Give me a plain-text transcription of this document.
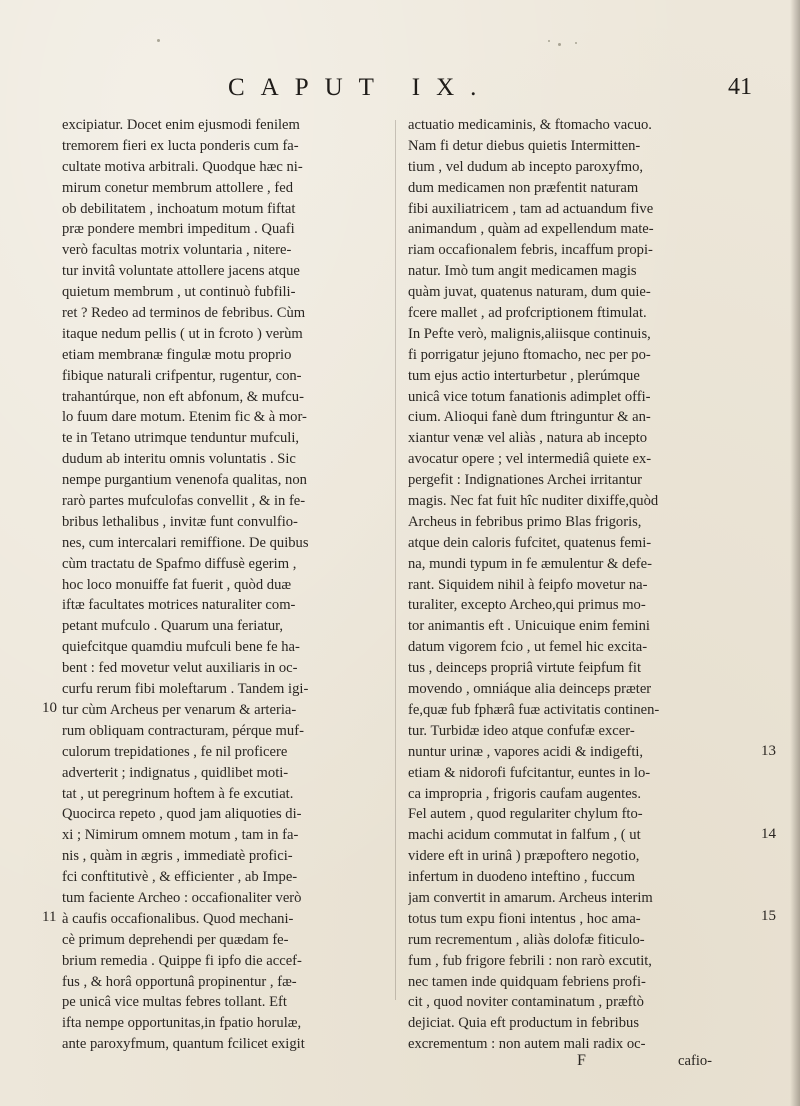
CAPUT IX.	41
excipiatur. Docet enim ejusmodi fenilem
tremorem fieri ex lucta ponderis cum fa-
cultate motiva arbitrali. Quodque hæc ni-
mirum conetur membrum attollere , fed
ob debilitatem , inchoatum motum fiftat
præ pondere membri impeditum . Quafi
verò facultas motrix voluntaria , nitere-
tur invitâ voluntate attollere jacens atque
quietum membrum , ut continuò fubfili-
ret ? Redeo ad terminos de febribus. Cùm
itaque nedum pellis ( ut in fcroto ) verùm
etiam membranæ fingulæ motu proprio
fibique naturali crifpentur, rugentur, con-
trahantúrque, non eft abfonum, & mufcu-
lo fuum dare motum. Etenim fic & à mor-
te in Tetano utrimque tenduntur mufculi,
dudum ab interitu omnis voluntatis . Sic
nempe purgantium venenofa qualitas, non
rarò partes mufculofas convellit , & in fe-
bribus lethalibus , invitæ funt convulfio-
nes, cum intercalari remiffione. De quibus
cùm tractatu de Spafmo diffusè egerim ,
hoc loco monuiffe fat fuerit , quòd duæ
iftæ facultates motrices naturaliter com-
petant mufculo . Quarum una feriatur,
quiefcitque quamdiu mufculi bene fe ha-
bent : fed movetur velut auxiliaris in oc-
curfu rerum fibi moleftarum . Tandem igi-
tur cùm Archeus per venarum & arteria-
rum obliquam contracturam, pérque muf-
culorum trepidationes , fe nil proficere
adverterit ; indignatus , quidlibet moti-
tat , ut peregrinum hoftem à fe excutiat.
Quocirca repeto , quod jam aliquoties di-
xi ; Nimirum omnem motum , tam in fa-
nis , quàm in ægris , immediatè profici-
fci conftitutivè , & efficienter , ab Impe-
tum faciente Archeo : occafionaliter verò
à caufis occafionalibus. Quod mechani-
cè primum deprehendi per quædam fe-
brium remedia . Quippe fi ipfo die accef-
fus , & horâ opportunâ propinentur , fæ-
pe unicâ vice multas febres tollant. Eft
ifta nempe opportunitas,in fpatio horulæ,
ante paroxyfmum, quantum fcilicet exigit
actuatio medicaminis, & ftomacho vacuo.
Nam fi detur diebus quietis Intermitten-
tium , vel dudum ab incepto paroxyfmo,
dum medicamen non præfentit naturam
fibi auxiliatricem , tam ad actuandum five
animandum , quàm ad expellendum mate-
riam occafionalem febris, incaffum propi-
natur. Imò tum angit medicamen magis
quàm juvat, quatenus naturam, dum quie-
fcere mallet , ad profcriptionem ftimulat.
In Pefte verò, malignis,aliisque continuis,
fi porrigatur jejuno ftomacho, nec per po-
tum ejus actio interturbetur , plerúmque
unicâ vice totum fanationis adimplet offi-
cium. Alioqui fanè dum ftringuntur & an-
xiantur venæ vel aliàs , natura ab incepto
avocatur opere ; vel intermediâ quiete ex-
pergefit : Indignationes Archei irritantur
magis. Nec fat fuit hîc nuditer dixiffe,quòd
Archeus in febribus primo Blas frigoris,
atque dein caloris fufcitet, quatenus femi-
na, mundi typum in fe æmulentur & defe-
rant. Siquidem nihil à feipfo movetur na-
turaliter, excepto Archeo,qui primus mo-
tor animantis eft . Unicuique enim femini
datum vigorem fcio , ut femel hic excita-
tus , deinceps propriâ virtute feipfum fit
movendo , omniáque alia deinceps præter
fe,quæ fub fphærâ fuæ activitatis continen-
tur. Turbidæ ideo atque confufæ excer-
nuntur urinæ , vapores acidi & indigefti,
etiam & nidorofi fufcitantur, euntes in lo-
ca impropria , frigoris caufam augentes.
Fel autem , quod regulariter chylum fto-
machi acidum commutat in falfum , ( ut
videre eft in urinâ ) præpoftero negotio,
infertum in duodeno inteftino , fuccum
jam convertit in amarum. Archeus interim
totus tum expu fioni intentus , hoc ama-
rum recrementum , aliàs dolofæ fiticulo-
fum , fub frigore febrili : non rarò excutit,
nec tamen inde quidquam febriens profi-
cit , quod noviter contaminatum , præftò
dejiciat. Quia eft productum in febribus
excrementum : non autem mali radix oc-
10
11
13
14
15
F	cafio-
